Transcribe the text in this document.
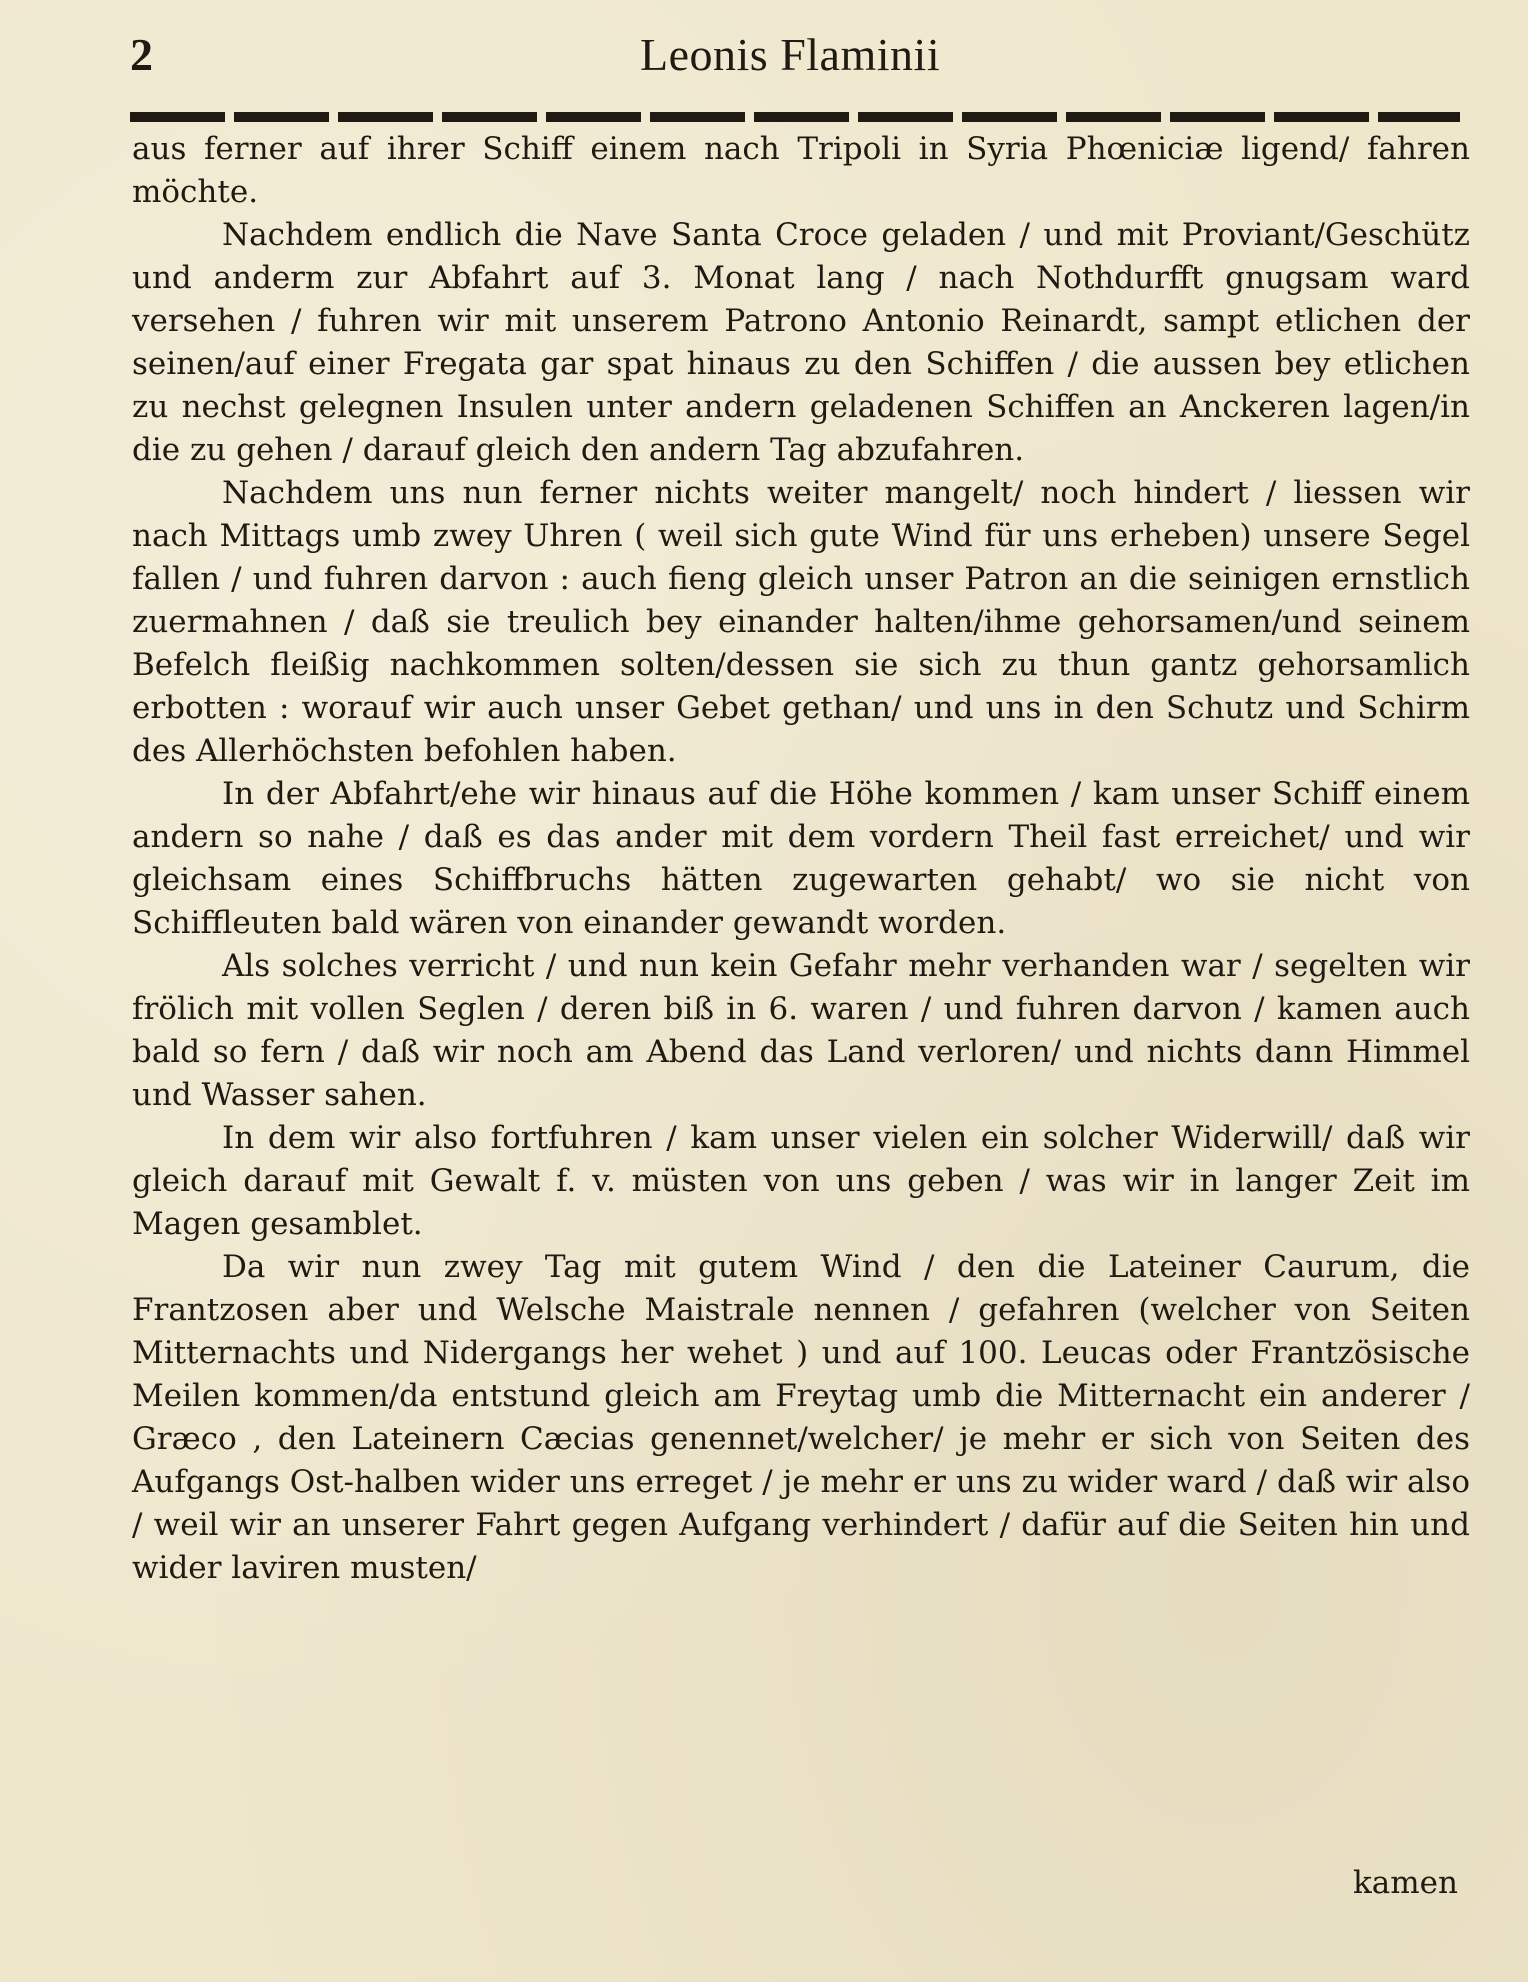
2	Leonis Flaminii

aus ferner auf ihrer Schiff einem nach Tripoli in Syria Phœniciæ ligend/ fahren möchte.

Nachdem endlich die Nave Santa Croce geladen / und mit Proviant/Geschütz und anderm zur Abfahrt auf 3. Monat lang / nach Nothdurfft gnugsam ward versehen / fuhren wir mit unserem Patrono Antonio Reinardt, sampt etlichen der seinen/auf einer Fregata gar spat hinaus zu den Schiffen / die aussen bey etlichen zu nechst gelegnen Insulen unter andern geladenen Schiffen an Anckeren lagen/in die zu gehen / darauf gleich den andern Tag abzufahren.

Nachdem uns nun ferner nichts weiter mangelt/ noch hindert / liessen wir nach Mittags umb zwey Uhren ( weil sich gute Wind für uns erheben) unsere Segel fallen / und fuhren darvon : auch fieng gleich unser Patron an die seinigen ernstlich zuermahnen / daß sie treulich bey einander halten/ihme gehorsamen/und seinem Befelch fleißig nachkommen solten/dessen sie sich zu thun gantz gehorsamlich erbotten : worauf wir auch unser Gebet gethan/ und uns in den Schutz und Schirm des Allerhöchsten befohlen haben.

In der Abfahrt/ehe wir hinaus auf die Höhe kommen / kam unser Schiff einem andern so nahe / daß es das ander mit dem vordern Theil fast erreichet/ und wir gleichsam eines Schiffbruchs hätten zugewarten gehabt/ wo sie nicht von Schiffleuten bald wären von einander gewandt worden.

Als solches verricht / und nun kein Gefahr mehr verhanden war / segelten wir frölich mit vollen Seglen / deren biß in 6. waren / und fuhren darvon / kamen auch bald so fern / daß wir noch am Abend das Land verloren/ und nichts dann Himmel und Wasser sahen.

In dem wir also fortfuhren / kam unser vielen ein solcher Widerwill/ daß wir gleich darauf mit Gewalt f. v. müsten von uns geben / was wir in langer Zeit im Magen gesamblet.

Da wir nun zwey Tag mit gutem Wind / den die Lateiner Caurum, die Frantzosen aber und Welsche Maistrale nennen / gefahren (welcher von Seiten Mitternachts und Nidergangs her wehet ) und auf 100. Leucas oder Frantzösische Meilen kommen/da entstund gleich am Freytag umb die Mitternacht ein anderer / Græco , den Lateinern Cæcias genennet/welcher/ je mehr er sich von Seiten des Aufgangs Ost-halben wider uns erreget / je mehr er uns zu wider ward / daß wir also / weil wir an unserer Fahrt gegen Aufgang verhindert / dafür auf die Seiten hin und wider laviren musten/

kamen
